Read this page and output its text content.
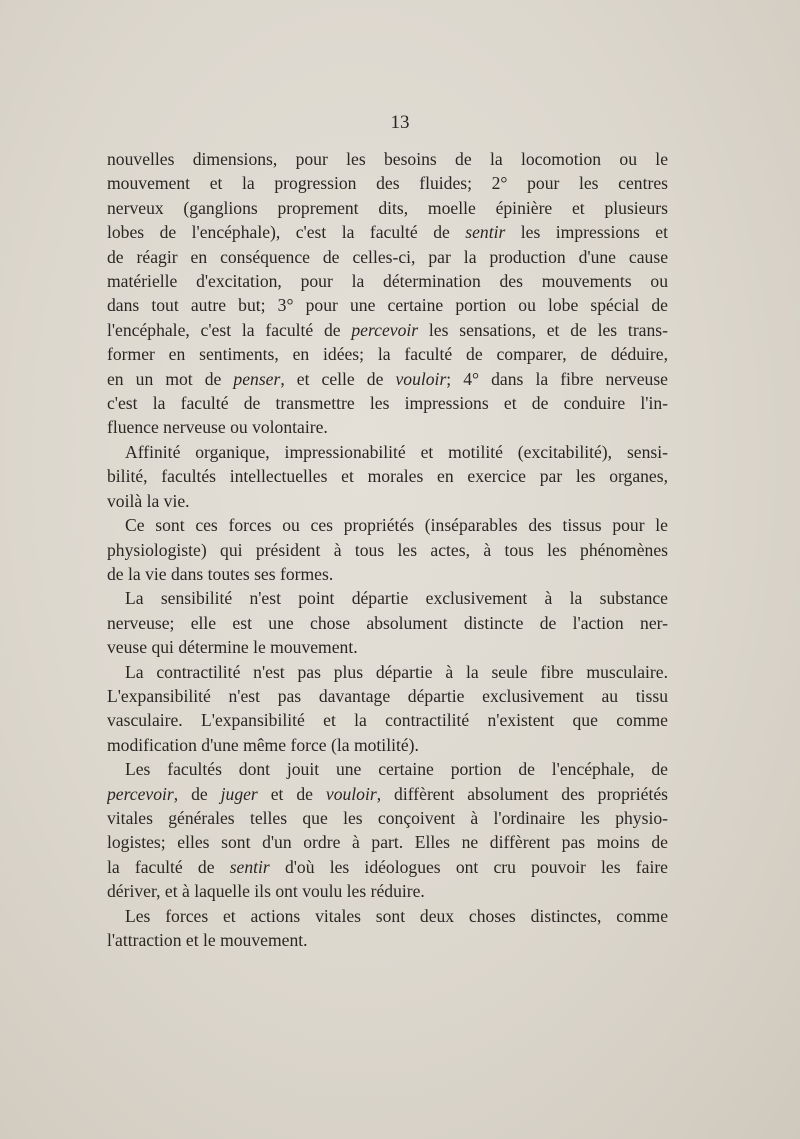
13
nouvelles dimensions, pour les besoins de la locomotion ou le
mouvement et la progression des fluides; 2° pour les centres
nerveux (ganglions proprement dits, moelle épinière et plusieurs
lobes de l'encéphale), c'est la faculté de sentir les impressions et
de réagir en conséquence de celles-ci, par la production d'une cause
matérielle d'excitation, pour la détermination des mouvements ou
dans tout autre but; 3° pour une certaine portion ou lobe spécial de
l'encéphale, c'est la faculté de percevoir les sensations, et de les trans-
former en sentiments, en idées; la faculté de comparer, de déduire,
en un mot de penser, et celle de vouloir; 4° dans la fibre nerveuse
c'est la faculté de transmettre les impressions et de conduire l'in-
fluence nerveuse ou volontaire.
Affinité organique, impressionabilité et motilité (excitabilité), sensi-
bilité, facultés intellectuelles et morales en exercice par les organes,
voilà la vie.
Ce sont ces forces ou ces propriétés (inséparables des tissus pour le
physiologiste) qui président à tous les actes, à tous les phénomènes
de la vie dans toutes ses formes.
La sensibilité n'est point départie exclusivement à la substance
nerveuse; elle est une chose absolument distincte de l'action ner-
veuse qui détermine le mouvement.
La contractilité n'est pas plus départie à la seule fibre musculaire.
L'expansibilité n'est pas davantage départie exclusivement au tissu
vasculaire. L'expansibilité et la contractilité n'existent que comme
modification d'une même force (la motilité).
Les facultés dont jouit une certaine portion de l'encéphale, de
percevoir, de juger et de vouloir, diffèrent absolument des propriétés
vitales générales telles que les conçoivent à l'ordinaire les physio-
logistes; elles sont d'un ordre à part. Elles ne diffèrent pas moins de
la faculté de sentir d'où les idéologues ont cru pouvoir les faire
dériver, et à laquelle ils ont voulu les réduire.
Les forces et actions vitales sont deux choses distinctes, comme
l'attraction et le mouvement.
